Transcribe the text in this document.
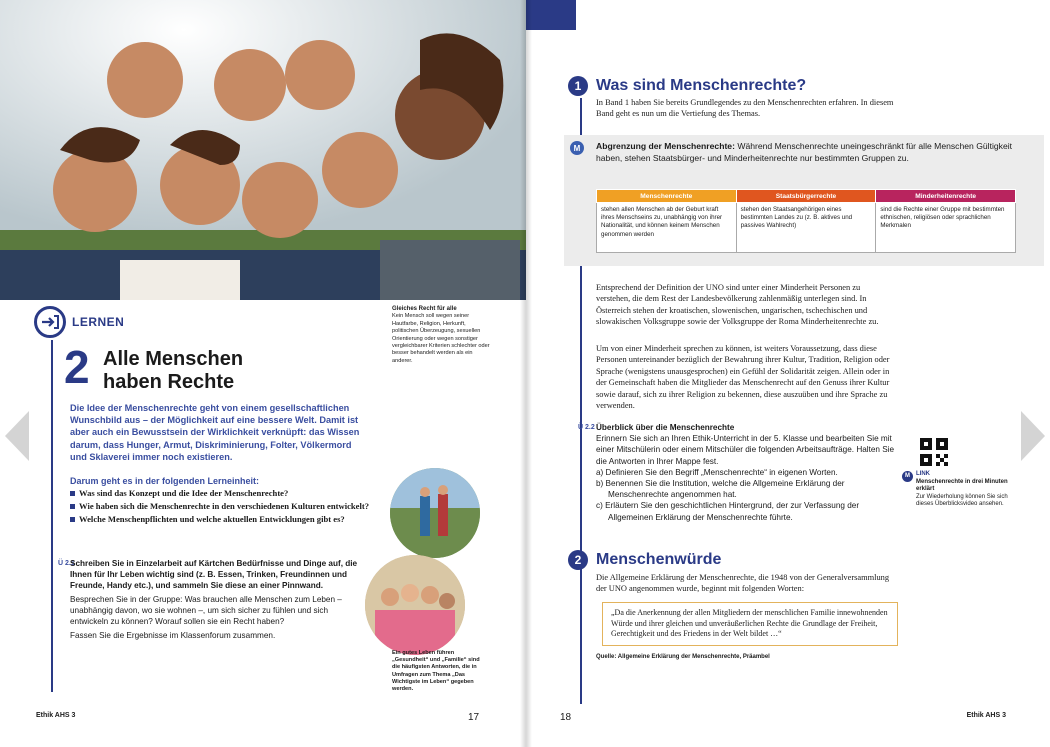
LERNEN
2 Alle Menschen haben Rechte
Die Idee der Menschenrechte geht von einem gesellschaftlichen Wunschbild aus – der Möglichkeit auf eine bessere Welt. Damit ist aber auch ein Bewusstsein der Wirklichkeit verknüpft: das Wissen darum, dass Hunger, Armut, Diskriminierung, Folter, Völkermord und Sklaverei immer noch existieren.
Darum geht es in der folgenden Lerneinheit:
Was sind das Konzept und die Idee der Menschenrechte?
Wie haben sich die Menschenrechte in den verschiedenen Kulturen entwickelt?
Welche Menschenpflichten und welche aktuellen Entwicklungen gibt es?
Ü 2.1
Schreiben Sie in Einzelarbeit auf Kärtchen Bedürfnisse und Dinge auf, die Ihnen für Ihr Leben wichtig sind (z. B. Essen, Trinken, Freundinnen und Freunde, Handy etc.), und sammeln Sie diese an einer Pinnwand.
Besprechen Sie in der Gruppe: Was brauchen alle Menschen zum Leben – unabhängig davon, wo sie wohnen –, um sich sicher zu fühlen und sich entwickeln zu können? Worauf sollen sie ein Recht haben?
Fassen Sie die Ergebnisse im Klassenforum zusammen.
Gleiches Recht für alle
Kein Mensch soll wegen seiner Hautfarbe, Religion, Herkunft, politischen Überzeugung, sexuellen Orientierung oder wegen sonstiger vergleichbarer Kriterien schlechter oder besser behandelt werden als ein anderer.
Ein gutes Leben führen „Gesundheit“ und „Familie“ sind die häufigsten Antworten, die in Umfragen zum Thema „Das Wichtigste im Leben“ gegeben werden.
Ethik AHS 3	17
1 Was sind Menschenrechte?
In Band 1 haben Sie bereits Grundlegendes zu den Menschenrechten erfahren. In diesem Band geht es nun um die Vertiefung des Themas.
M	Abgrenzung der Menschenrechte: Während Menschenrechte uneingeschränkt für alle Menschen Gültigkeit haben, stehen Staatsbürger- und Minderheitenrechte nur bestimmten Gruppen zu.
Menschenrechte	Staatsbürgerrechte	Minderheitenrechte
stehen allen Menschen ab der Geburt kraft ihres Menschseins zu, unabhängig von ihrer Nationalität, und können keinem Menschen genommen werden	stehen den Staatsangehörigen eines bestimmten Landes zu (z. B. aktives und passives Wahlrecht)	sind die Rechte einer Gruppe mit bestimmten ethnischen, religiösen oder sprachlichen Merkmalen
Entsprechend der Definition der UNO sind unter einer Minderheit Personen zu verstehen, die dem Rest der Landesbevölkerung zahlenmäßig unterlegen sind. In Österreich stehen der kroatischen, slowenischen, ungarischen, tschechischen und slowakischen Volksgruppe sowie der Volksgruppe der Roma Minderheitenrechte zu.
Um von einer Minderheit sprechen zu können, ist weiters Voraussetzung, dass diese Personen untereinander bezüglich der Bewahrung ihrer Kultur, Tradition, Religion oder Sprache (wenigstens unausgesprochen) ein Gefühl der Solidarität zeigen. Allein oder in der Gemeinschaft haben die Mitglieder das Menschenrecht auf den Genuss ihrer Kultur sowie darauf, sich zu ihrer Religion zu bekennen, diese auszuüben und ihre Sprache zu verwenden.
Ü 2.2 Überblick über die Menschenrechte
Erinnern Sie sich an Ihren Ethik-Unterricht in der 5. Klasse und bearbeiten Sie mit einer Mitschülerin oder einem Mitschüler die folgenden Arbeitsaufträge. Halten Sie die Antworten in Ihrer Mappe fest.
a) Definieren Sie den Begriff „Menschenrechte“ in eigenen Worten.
b) Benennen Sie die Institution, welche die Allgemeine Erklärung der Menschenrechte angenommen hat.
c) Erläutern Sie den geschichtlichen Hintergrund, der zur Verfassung der Allgemeinen Erklärung der Menschenrechte führte.
M	LINK
Menschenrechte in drei Minuten erklärt
Zur Wiederholung können Sie sich dieses Überblicksvideo ansehen.
2 Menschenwürde
Die Allgemeine Erklärung der Menschenrechte, die 1948 von der Generalversammlung der UNO angenommen wurde, beginnt mit folgenden Worten:
„Da die Anerkennung der allen Mitgliedern der menschlichen Familie innewohnenden Würde und ihrer gleichen und unveräußerlichen Rechte die Grundlage der Freiheit, Gerechtigkeit und des Friedens in der Welt bildet …“
Quelle: Allgemeine Erklärung der Menschenrechte, Präambel
18	Ethik AHS 3
